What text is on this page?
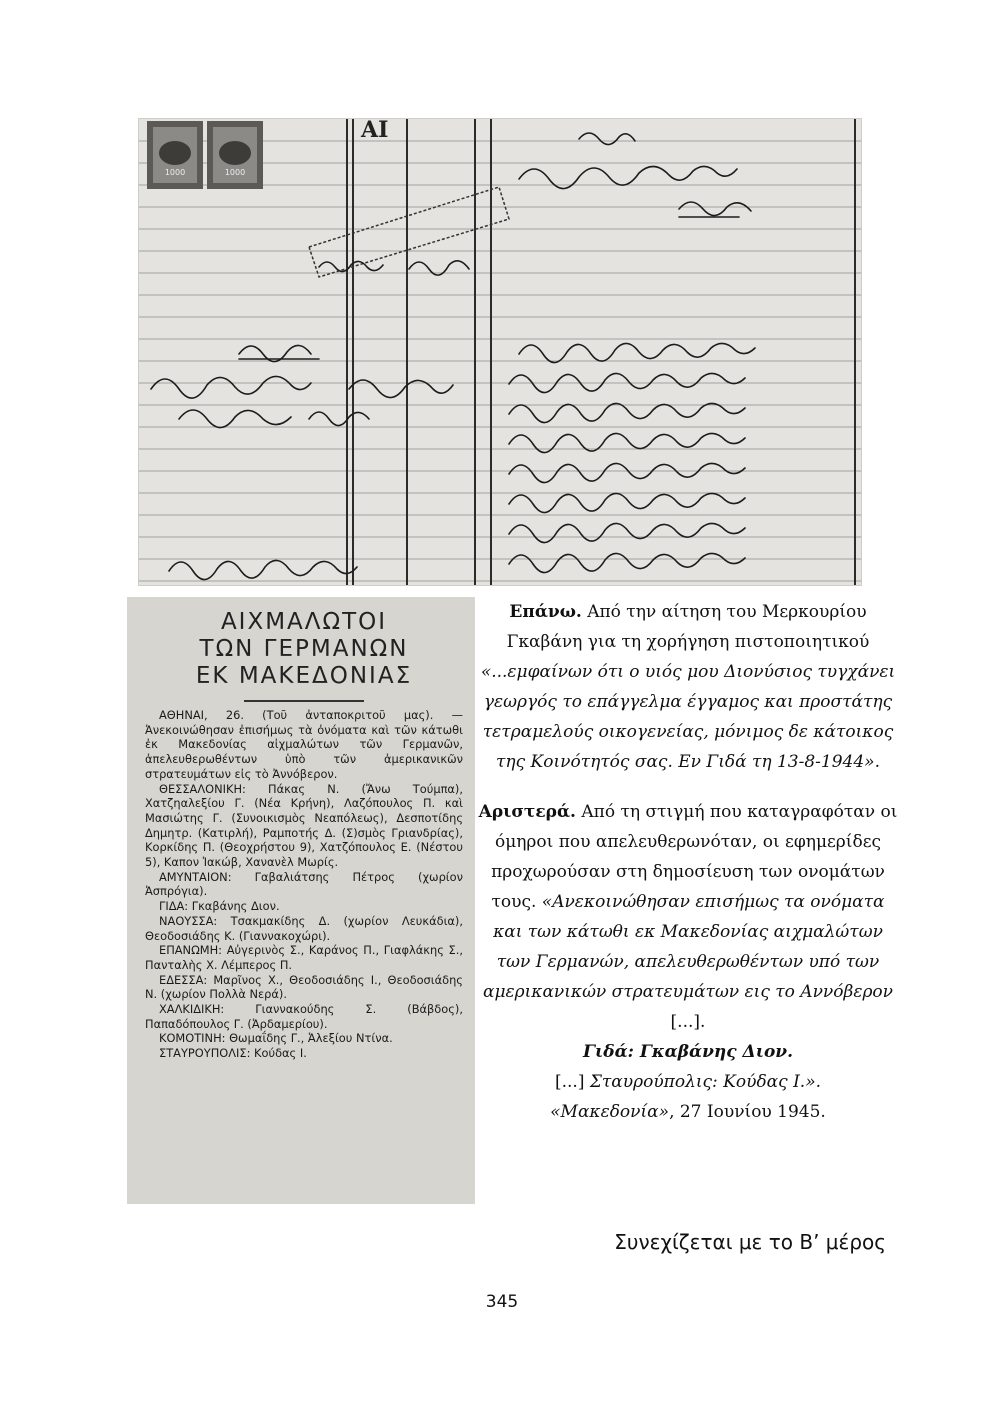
ΑΙ
1000	1000
ΑΙΧΜΑΛΩΤΟΙ
ΤΩΝ ΓΕΡΜΑΝΩΝ
ΕΚ ΜΑΚΕΔΟΝΙΑΣ

ΑΘΗΝΑΙ, 26. (Τοῦ ἀνταποκριτοῦ μας). — Ἀνεκοινώθησαν ἐπισήμως τὰ ὀνόματα καὶ τῶν κάτωθι ἐκ Μακεδονίας αἰχμαλώτων τῶν Γερμανῶν, ἀπελευθερωθέντων ὑπὸ τῶν ἀμερικανικῶν στρατευμάτων εἰς τὸ Ἀννόβερον.

ΘΕΣΣΑΛΟΝΙΚΗ: Πάκας Ν. (Ἄνω Τούμπα), Χατζηαλεξίου Γ. (Νέα Κρήνη), Λαζόπουλος Π. καὶ Μασιώτης Γ. (Συνοικισμὸς Νεαπόλεως), Δεσποτίδης Δημητρ. (Κατιρλή), Ραμποτής Δ. (Σ)σμὸς Γριανδρίας), Κορκίδης Π. (Θεοχρήστου 9), Χατζόπουλος Ε. (Νέστου 5), Καπον Ἰακώβ, Χανανὲλ Μωρίς.

ΑΜΥΝΤΑΙΟΝ: Γαβαλιάτσης Πέτρος (χωρίον Ἀσπρόγια).

ΓΙΔΑ: Γκαβάνης Διον.

ΝΑΟΥΣΣΑ: Τσακμακίδης Δ. (χωρίον Λευκάδια), Θεοδοσιάδης Κ. (Γιαννακοχώρι).

ΕΠΑΝΩΜΗ: Αὐγερινὸς Σ., Καράνος Π., Γιαφλάκης Σ., Πανταλὴς Χ. Λέμπερος Π.

ΕΔΕΣΣΑ: Μαρῖνος Χ., Θεοδοσιάδης Ι., Θεοδοσιάδης Ν. (χωρίον Πολλὰ Νερά).

ΧΑΛΚΙΔΙΚΗ: Γιαννακούδης Σ. (Βάβδος), Παπαδόπουλος Γ. (Ἀρδαμερίου).

ΚΟΜΟΤΙΝΗ: Θωμαΐδης Γ., Ἀλεξίου Ντίνα.

ΣΤΑΥΡΟΥΠΟΛΙΣ: Κούδας Ι.

Επάνω. Από την αίτηση του Μερκουρίου Γκαβάνη για τη χορήγηση πιστοποιητικού «...εμφαίνων ότι ο υιός μου Διονύσιος τυγχάνει γεωργός το επάγγελμα έγγαμος και προστάτης τετραμελούς οικογενείας, μόνιμος δε κάτοικος της Κοινότητός σας. Εν Γιδά τη 13-8-1944».

Αριστερά. Από τη στιγμή που καταγραφόταν οι όμηροι που απελευθερωνόταν, οι εφημερίδες προχωρούσαν στη δημοσίευση των ονομάτων τους. «Ανεκοινώθησαν επισήμως τα ονόματα και των κάτωθι εκ Μακεδονίας αιχμαλώτων των Γερμανών, απελευθερωθέντων υπό των αμερικανικών στρατευμάτων εις το Αννόβερον [...].
Γιδά: Γκαβάνης Διον.
[...] Σταυρούπολις: Κούδας Ι.».
«Μακεδονία», 27 Ιουνίου 1945.

Συνεχίζεται με το Β’ μέρος
345
